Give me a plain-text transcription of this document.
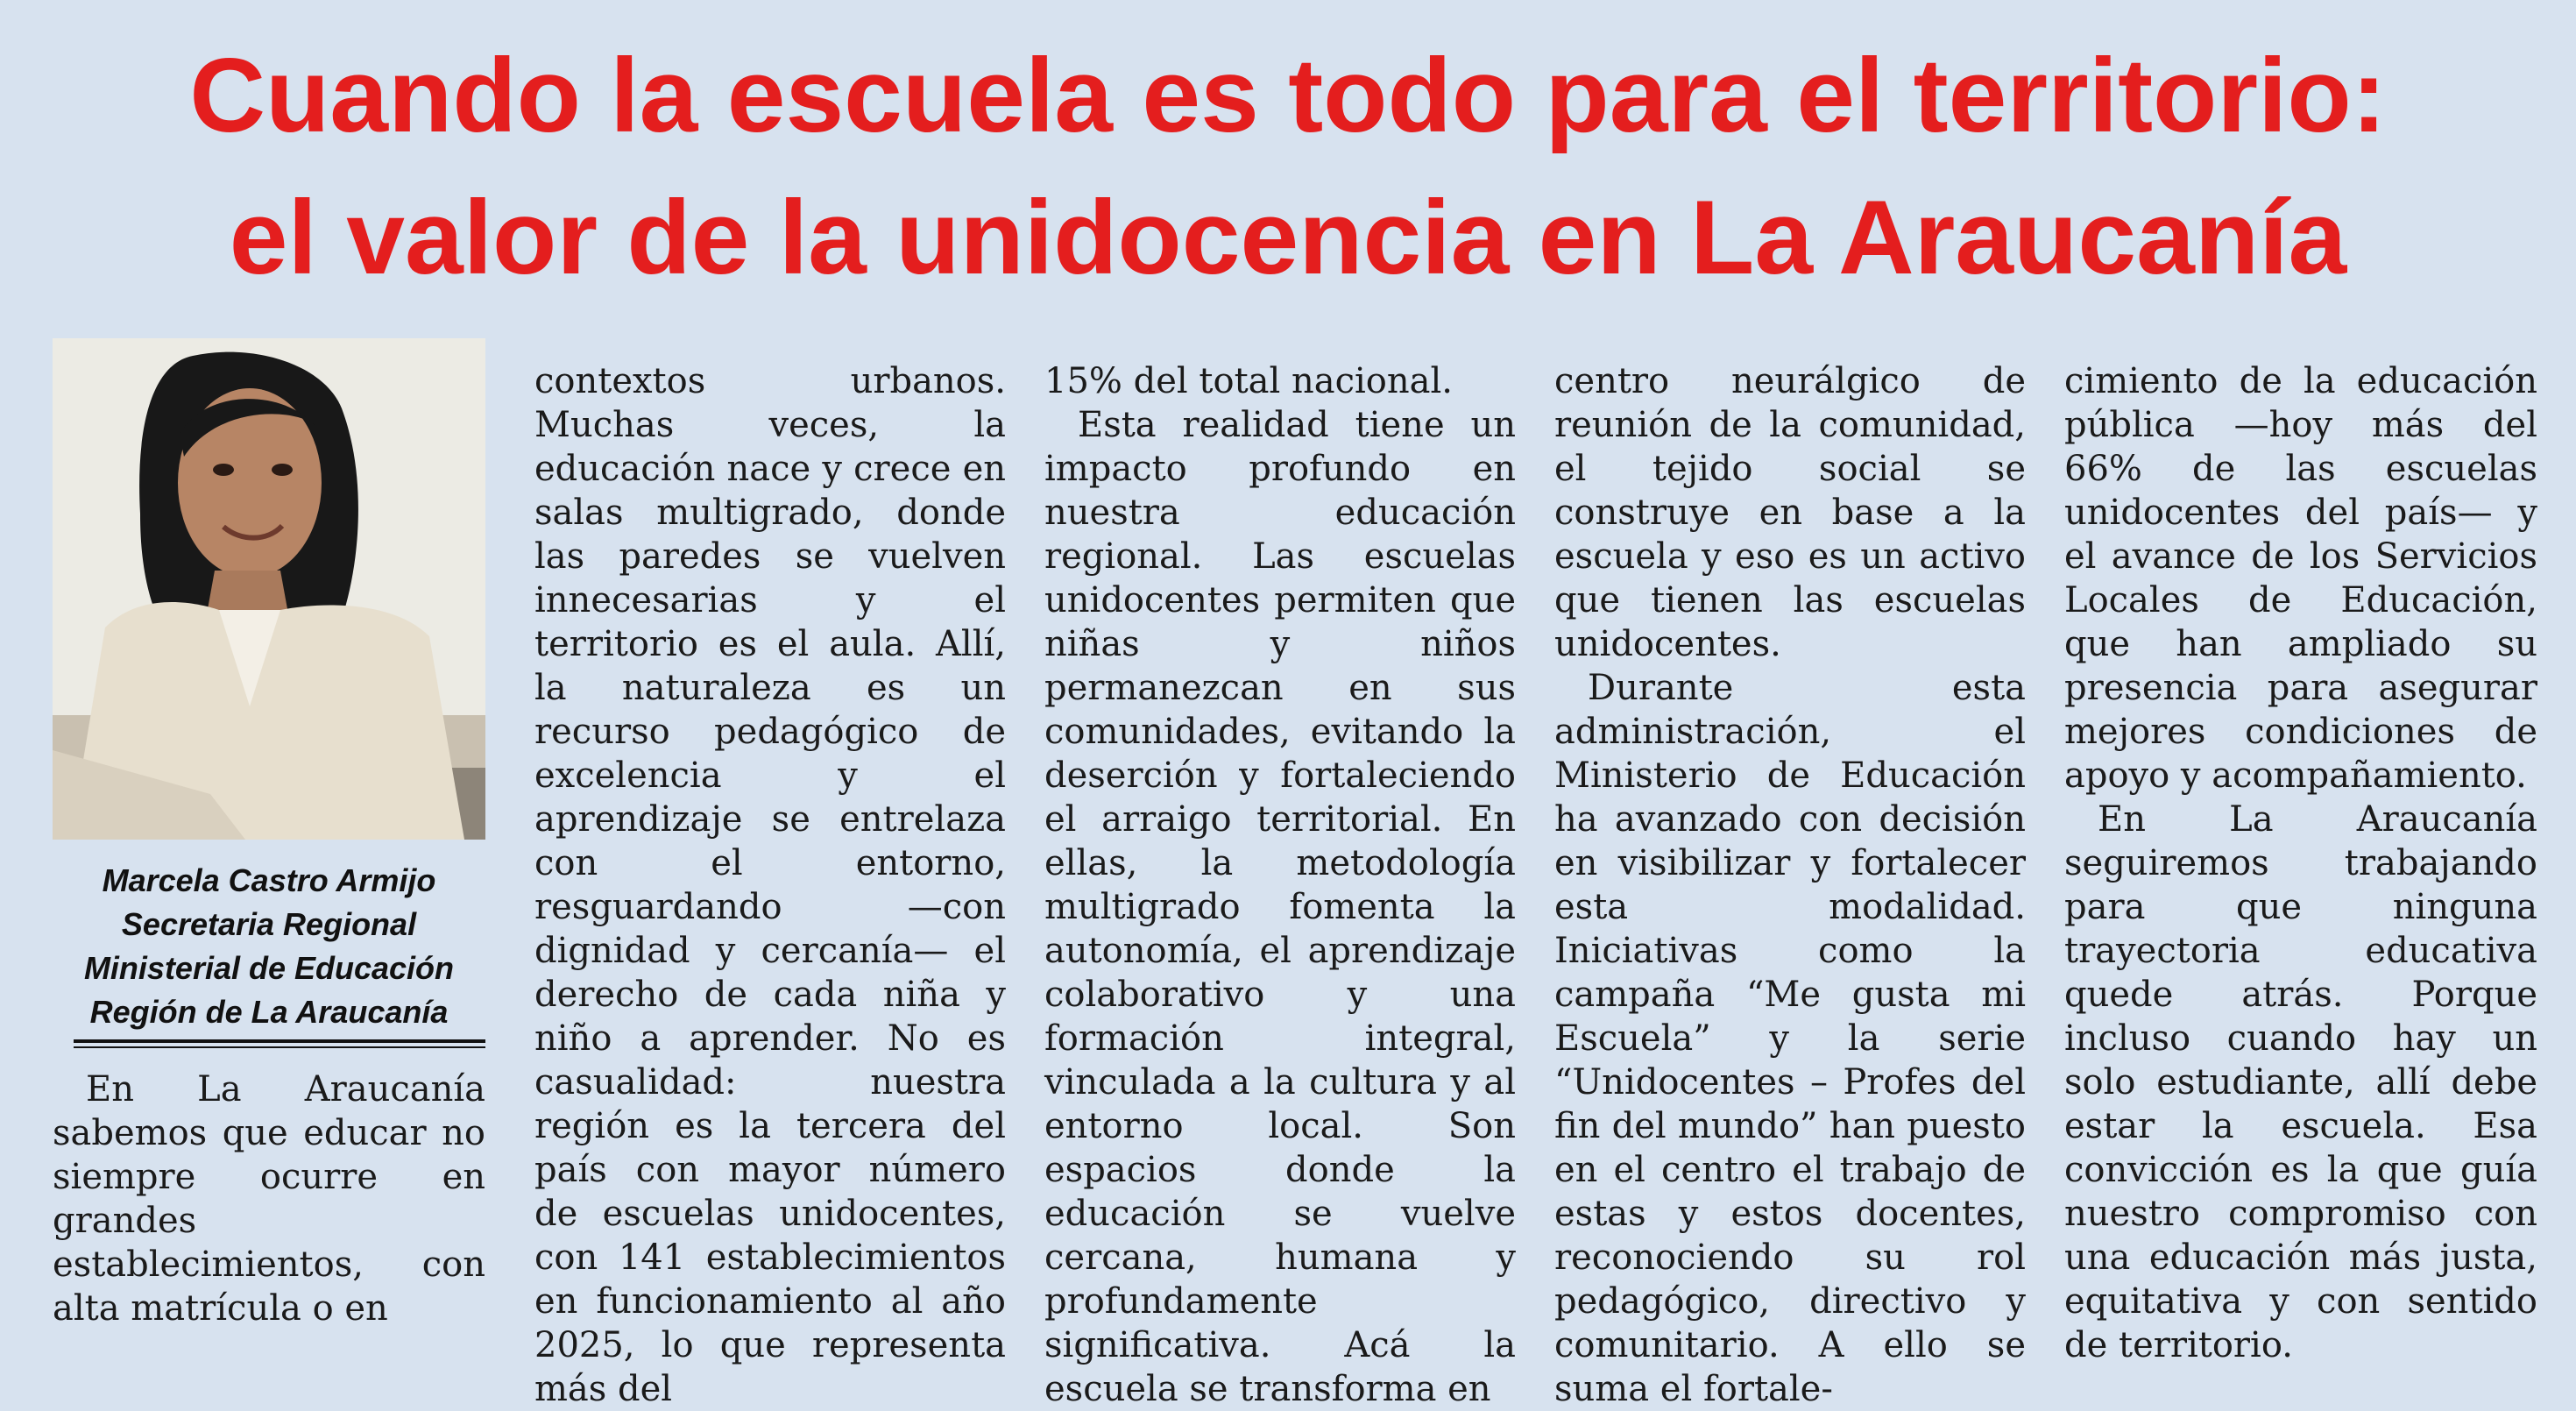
Cuando la escuela es todo para el territorio:
el valor de la unidocencia en La Araucanía
Marcela Castro Armijo
Secretaria Regional
Ministerial de Educación
Región de La Araucanía

En La Araucanía sabemos que educar no siempre ocurre en grandes establecimientos, con alta matrícula o en

contextos urbanos. Muchas veces, la educación nace y crece en salas multigrado, donde las paredes se vuelven innecesarias y el territorio es el aula. Allí, la naturaleza es un recurso pedagógico de excelencia y el aprendizaje se entrelaza con el entorno, resguardando —con dignidad y cercanía— el derecho de cada niña y niño a aprender. No es casualidad: nuestra región es la tercera del país con mayor número de escuelas unidocentes, con 141 establecimientos en funcionamiento al año 2025, lo que representa más del

15% del total nacional.

Esta realidad tiene un impacto profundo en nuestra educación regional. Las escuelas unidocentes permiten que niñas y niños permanezcan en sus comunidades, evitando la deserción y fortaleciendo el arraigo territorial. En ellas, la metodología multigrado fomenta la autonomía, el aprendizaje colaborativo y una formación integral, vinculada a la cultura y al entorno local. Son espacios donde la educación se vuelve cercana, humana y profundamente significativa. Acá la escuela se transforma en

centro neurálgico de reunión de la comunidad, el tejido social se construye en base a la escuela y eso es un activo que tienen las escuelas unidocentes.

Durante esta administración, el Ministerio de Educación ha avanzado con decisión en visibilizar y fortalecer esta modalidad. Iniciativas como la campaña “Me gusta mi Escuela” y la serie “Unidocentes – Profes del fin del mundo” han puesto en el centro el trabajo de estas y estos docentes, reconociendo su rol pedagógico, directivo y comunitario. A ello se suma el fortale-

cimiento de la educación pública —hoy más del 66% de las escuelas unidocentes del país— y el avance de los Servicios Locales de Educación, que han ampliado su presencia para asegurar mejores condiciones de apoyo y acompañamiento.

En La Araucanía seguiremos trabajando para que ninguna trayectoria educativa quede atrás. Porque incluso cuando hay un solo estudiante, allí debe estar la escuela. Esa convicción es la que guía nuestro compromiso con una educación más justa, equitativa y con sentido de territorio.
